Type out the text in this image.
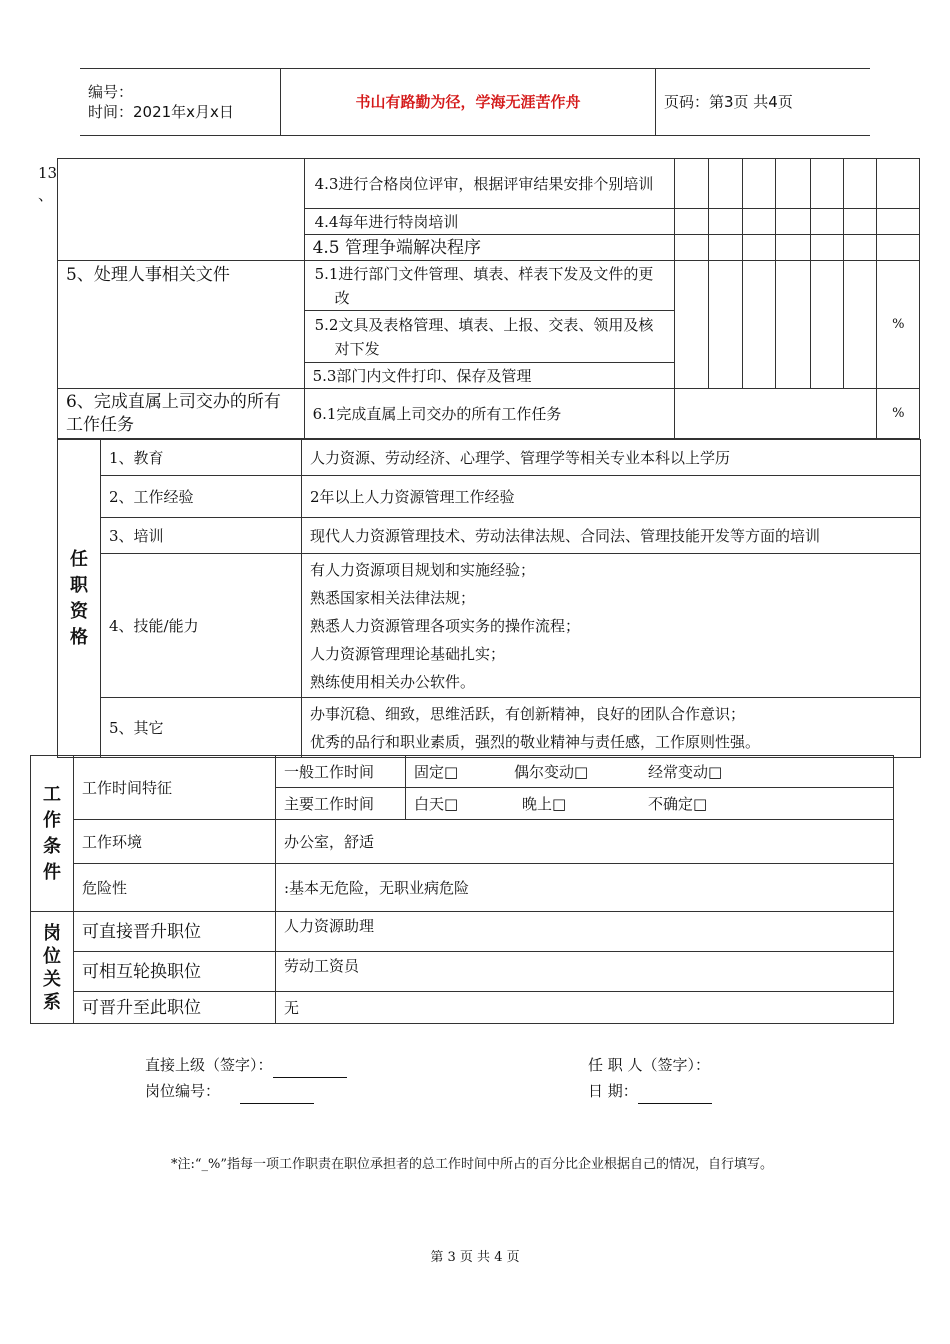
编号：
时间：2021年x月x日
	书山有路勤为径，学海无涯苦作舟	页码：第3页 共4页
13
、
	4.3进行合格岗位评审，根据评审结果安排个别培训							
	4.4每年进行特岗培训							
	4.5 管理争端解决程序							
5、处理人事相关文件	5.1进行部门文件管理、填表、样表下发及文件的更改							%
	5.2文具及表格管理、填表、上报、交表、领用及核对下发							
	5.3部门内文件打印、保存及管理							
6、完成直属上司交办的所有工作任务	6.1完成直属上司交办的所有工作任务							%
任职资格	1、教育	人力资源、劳动经济、心理学、管理学等相关专业本科以上学历
	2、工作经验	2年以上人力资源管理工作经验
	3、培训	现代人力资源管理技术、劳动法律法规、合同法、管理技能开发等方面的培训
	4、技能/能力	有人力资源项目规划和实施经验；
熟悉国家相关法律法规；
熟悉人力资源管理各项实务的操作流程；
人力资源管理理论基础扎实；
熟练使用相关办公软件。

	5、其它	办事沉稳、细致，思维活跃，有创新精神，良好的团队合作意识；
优秀的品行和职业素质，强烈的敬业精神与责任感，工作原则性强。
工作条件	工作时间特征	一般工作时间	固定□ 偶尔变动□ 经常变动□
		主要工作时间	白天□ 晚上□ 不确定□
	工作环境	办公室，舒适	
	危险性	:基本无危险，无职业病危险	
岗位关系	可直接晋升职位	人力资源助理
	可相互轮换职位	劳动工资员
	可晋升至此职位	无
直接上级（签字）：
岗位编号：
任 职 人（签字）：
日 期：
*注:“_%”指每一项工作职责在职位承担者的总工作时间中所占的百分比企业根据自己的情况，自行填写。
第 3 页 共 4 页
